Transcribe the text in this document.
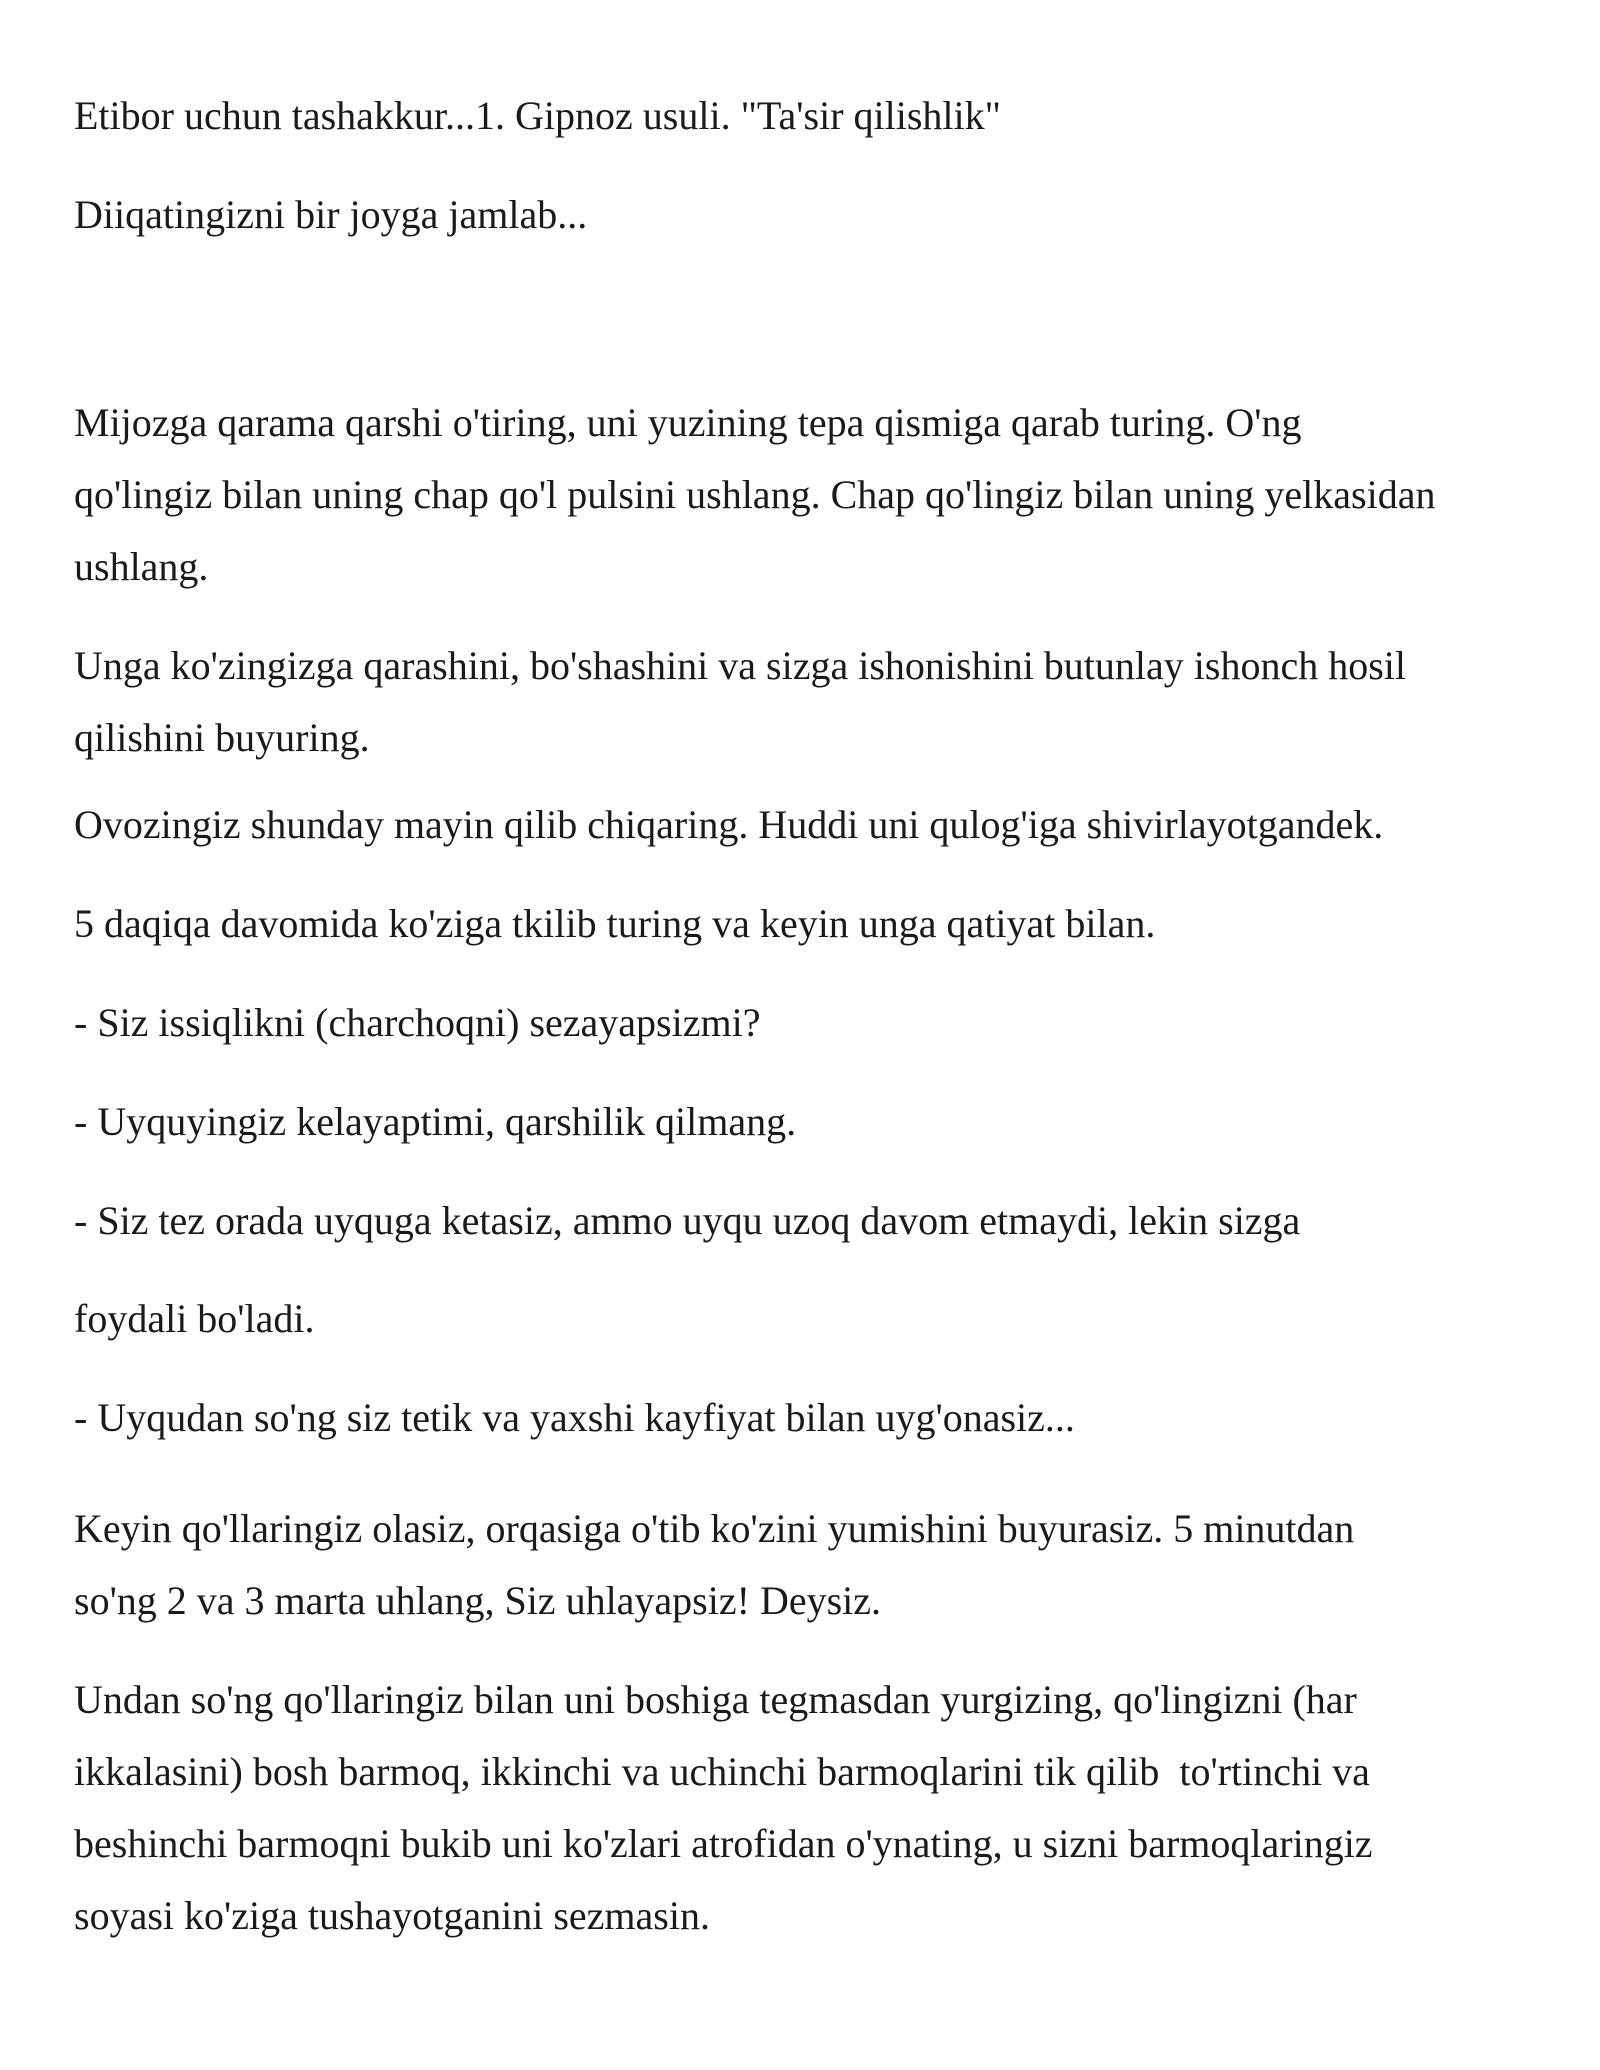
Etibor uchun tashakkur...1. Gipnoz usuli. "Ta'sir qilishlik"

Diiqatingizni bir joyga jamlab...

Mijozga qarama qarshi o'tiring, uni yuzining tepa qismiga qarab turing. O'ng
qo'lingiz bilan uning chap qo'l pulsini ushlang. Chap qo'lingiz bilan uning yelkasidan
ushlang.

Unga ko'zingizga qarashini, bo'shashini va sizga ishonishini butunlay ishonch hosil
qilishini buyuring.

Ovozingiz shunday mayin qilib chiqaring. Huddi uni qulog'iga shivirlayotgandek.

5 daqiqa davomida ko'ziga tkilib turing va keyin unga qatiyat bilan.

- Siz issiqlikni (charchoqni) sezayapsizmi?

- Uyquyingiz kelayaptimi, qarshilik qilmang.

- Siz tez orada uyquga ketasiz, ammo uyqu uzoq davom etmaydi, lekin sizga

foydali bo'ladi.

- Uyqudan so'ng siz tetik va yaxshi kayfiyat bilan uyg'onasiz...

Keyin qo'llaringiz olasiz, orqasiga o'tib ko'zini yumishini buyurasiz. 5 minutdan
so'ng 2 va 3 marta uhlang, Siz uhlayapsiz! Deysiz.

Undan so'ng qo'llaringiz bilan uni boshiga tegmasdan yurgizing, qo'lingizni (har
ikkalasini) bosh barmoq, ikkinchi va uchinchi barmoqlarini tik qilib  to'rtinchi va
beshinchi barmoqni bukib uni ko'zlari atrofidan o'ynating, u sizni barmoqlaringiz
soyasi ko'ziga tushayotganini sezmasin.
